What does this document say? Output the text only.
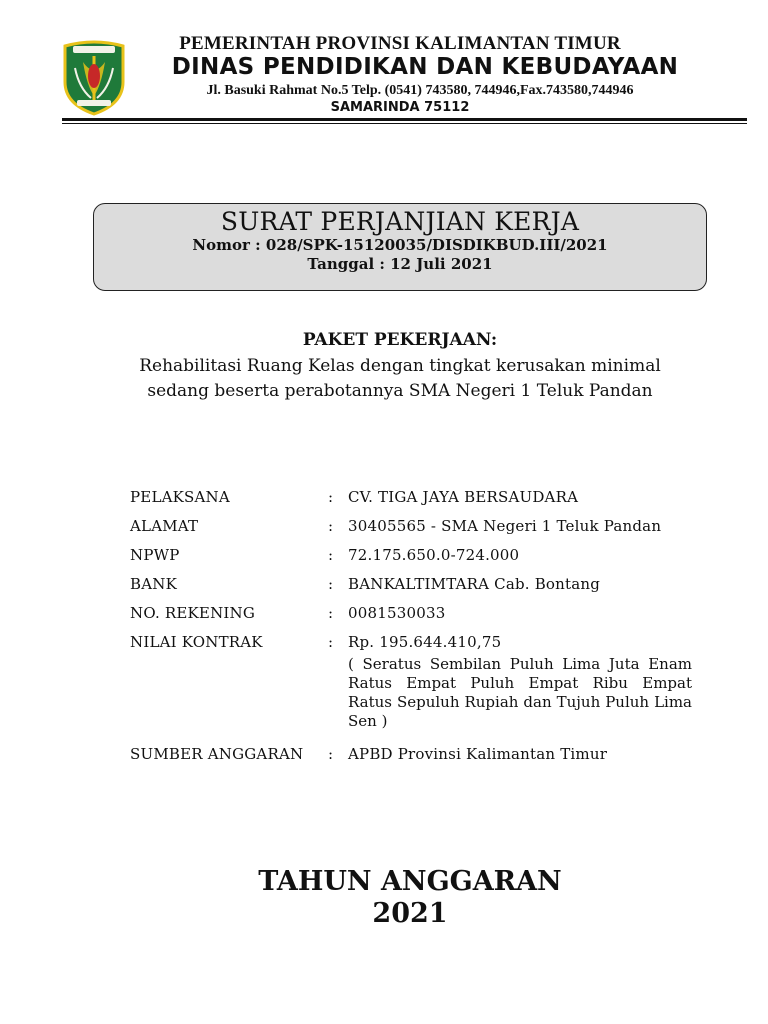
PEMERINTAH PROVINSI KALIMANTAN TIMUR
DINAS PENDIDIKAN DAN KEBUDAYAAN
Jl. Basuki Rahmat No.5 Telp. (0541) 743580, 744946,Fax.743580,744946
SAMARINDA 75112
SURAT PERJANJIAN KERJA
Nomor : 028/SPK-15120035/DISDIKBUD.III/2021
Tanggal : 12 Juli 2021
PAKET PEKERJAAN:
Rehabilitasi Ruang Kelas dengan tingkat kerusakan minimal
sedang beserta perabotannya SMA Negeri 1 Teluk Pandan
PELAKSANA	: CV. TIGA JAYA BERSAUDARA
ALAMAT	: 30405565 - SMA Negeri 1 Teluk Pandan
NPWP	: 72.175.650.0-724.000
BANK	: BANKALTIMTARA Cab. Bontang
NO. REKENING	: 0081530033
NILAI KONTRAK	: Rp. 195.644.410,75
( Seratus Sembilan Puluh Lima Juta Enam Ratus Empat Puluh Empat Ribu Empat Ratus Sepuluh Rupiah dan Tujuh Puluh Lima Sen )
SUMBER ANGGARAN : APBD Provinsi Kalimantan Timur
TAHUN ANGGARAN
2021
